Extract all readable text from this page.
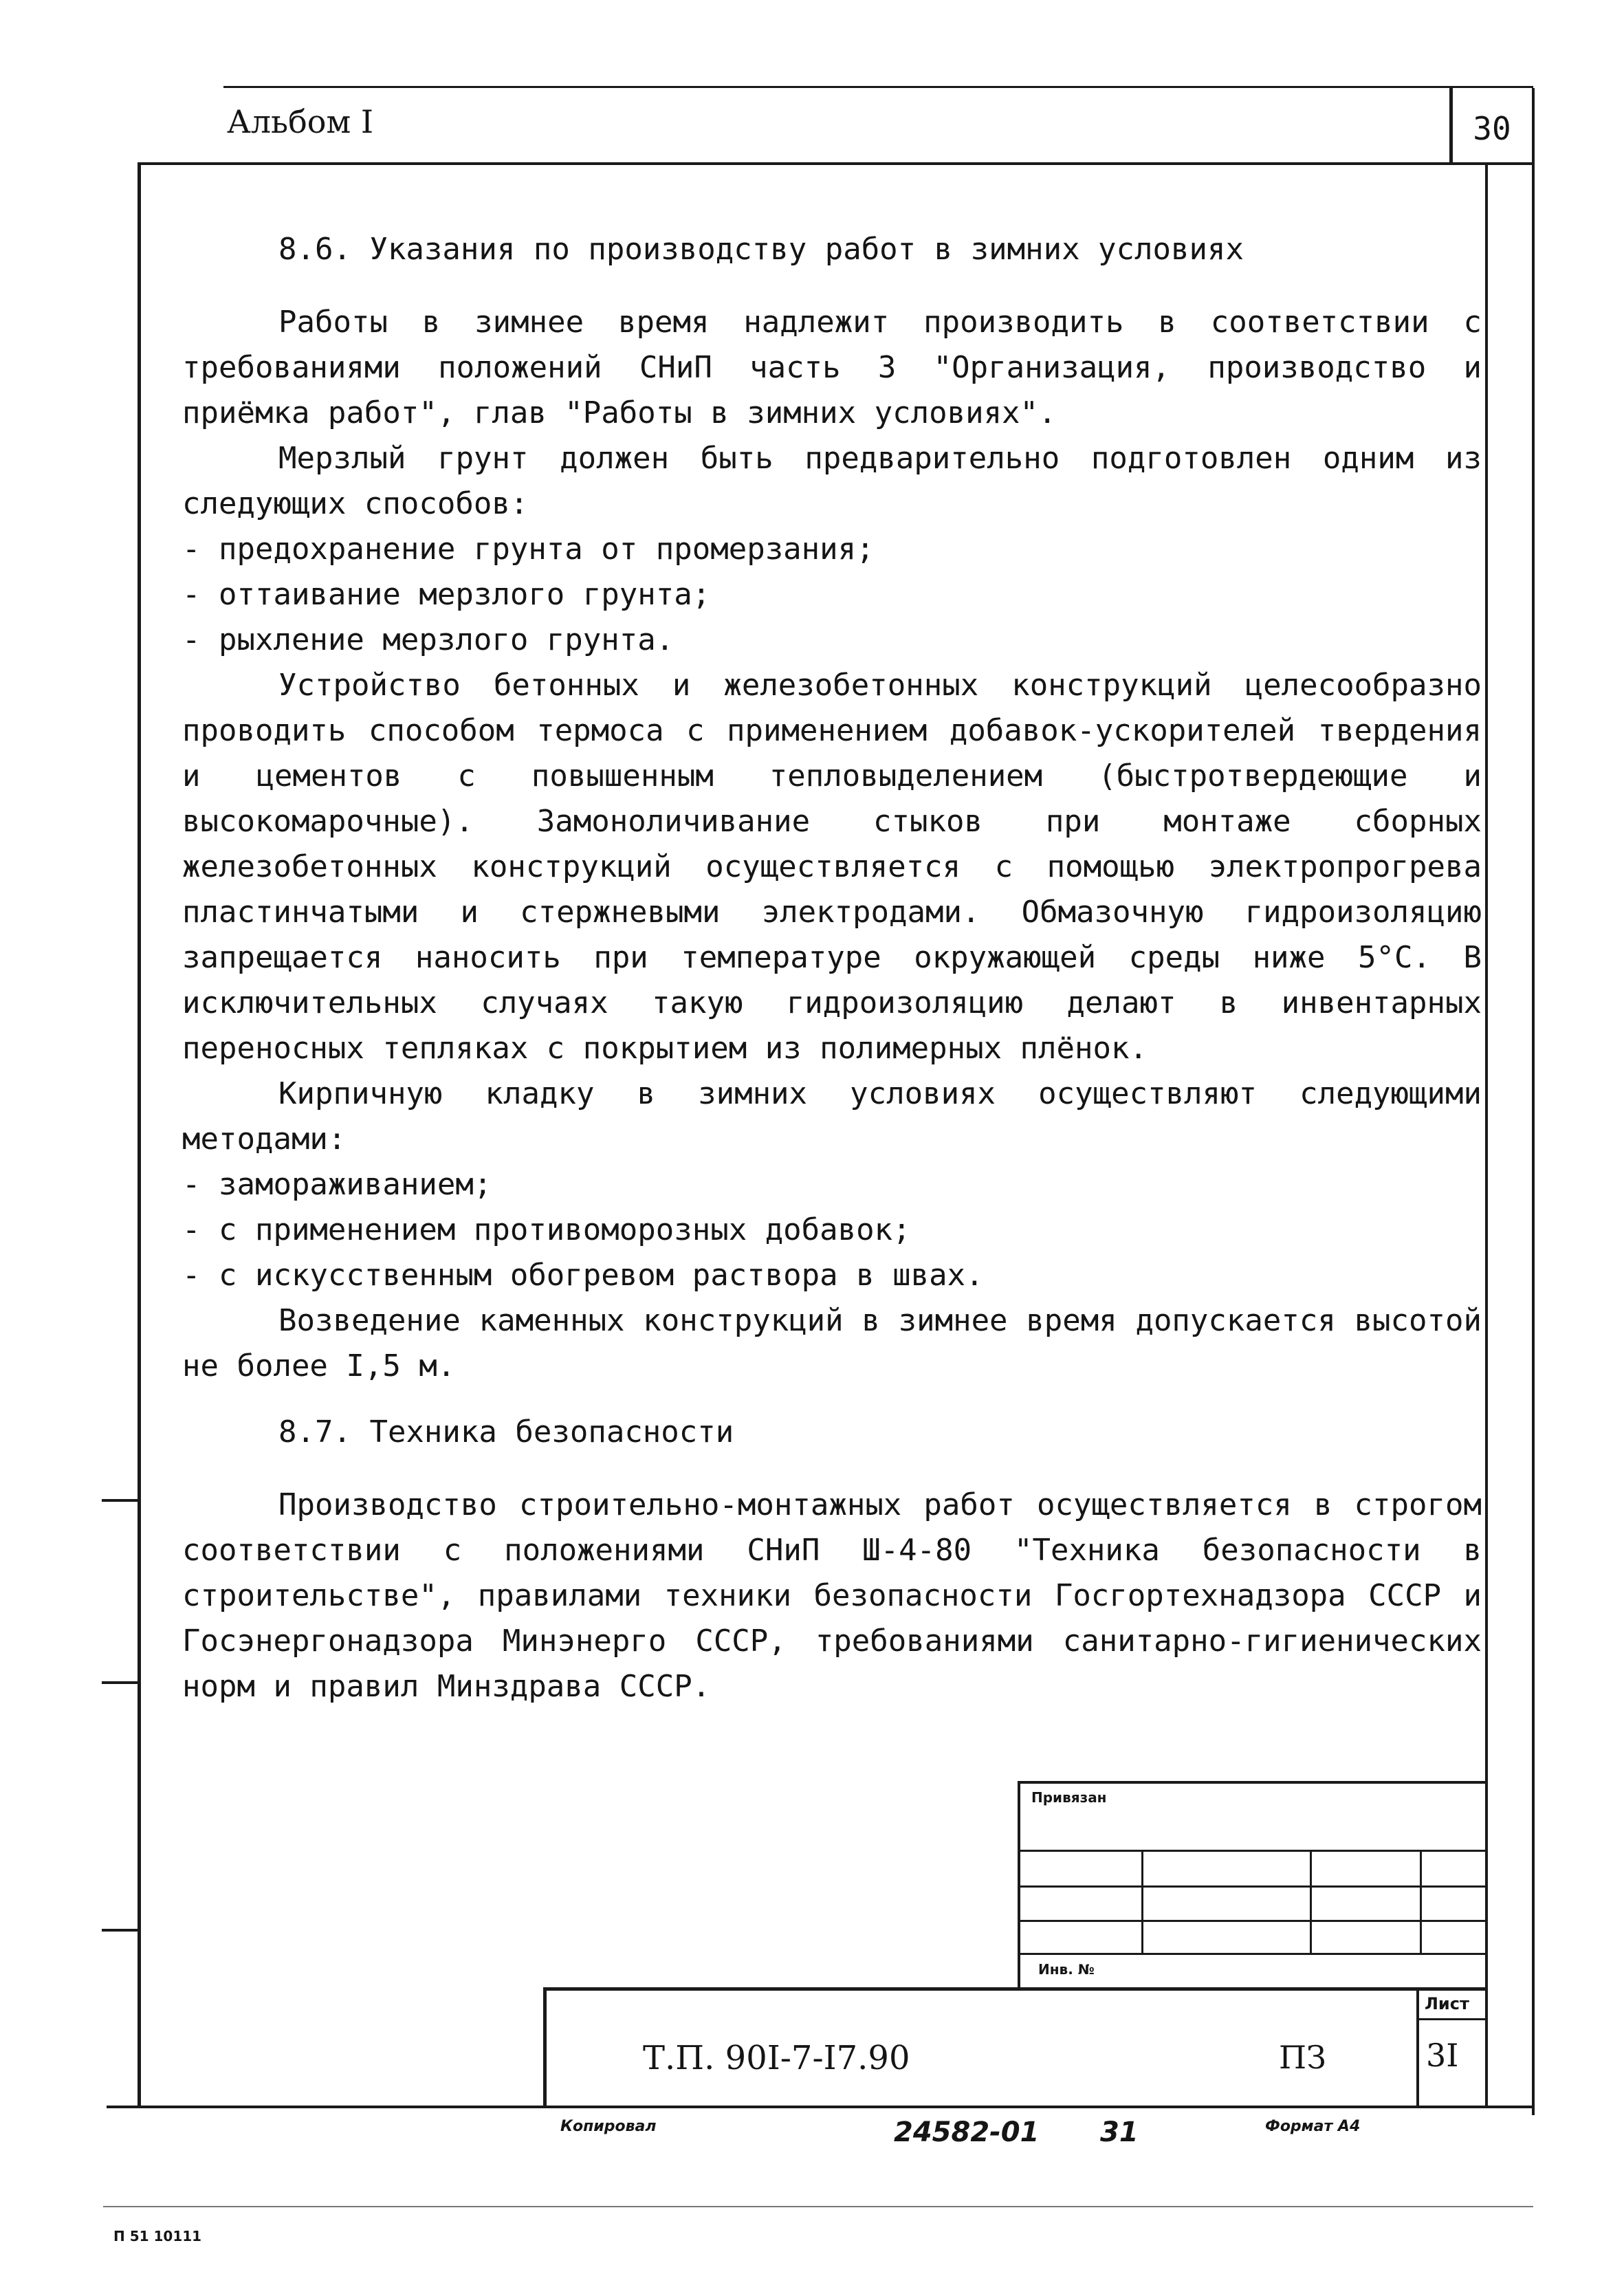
Альбом I	30
8.6. Указания по производству работ в зимних условиях
Работы в зимнее время надлежит производить в соответствии с требованиями положений СНиП часть 3 "Организация, производство и приёмка работ", глав "Работы в зимних условиях".
Мерзлый грунт должен быть предварительно подготовлен одним из следующих способов:
- предохранение грунта от промерзания;
- оттаивание мерзлого грунта;
- рыхление мерзлого грунта.
Устройство бетонных и железобетонных конструкций целесообразно проводить способом термоса с применением добавок-ускорителей твердения и цементов с повышенным тепловыделением (быстротвердеющие и высокомарочные). Замоноличивание стыков при монтаже сборных железобетонных конструкций осуществляется с помощью электропрогрева пластинчатыми и стержневыми электродами. Обмазочную гидроизоляцию запрещается наносить при температуре окружающей среды ниже 5°С. В исключительных случаях такую гидроизоляцию делают в инвентарных переносных тепляках с покрытием из полимерных плёнок.
Кирпичную кладку в зимних условиях осуществляют следующими методами:
- замораживанием;
- с применением противоморозных добавок;
- с искусственным обогревом раствора в швах.
Возведение каменных конструкций в зимнее время допускается высотой не более I,5 м.
8.7. Техника безопасности
Производство строительно-монтажных работ осуществляется в строгом соответствии с положениями СНиП Ш-4-80 "Техника безопасности в строительстве", правилами техники безопасности Госгортехнадзора СССР и Госэнергонадзора Минэнерго СССР, требованиями санитарно-гигиенических норм и правил Минздрава СССР.
Привязан
Инв. №
Лист
Т.П. 90I-7-I7.90	ПЗ	3I
Копировал	24582-01 31	Формат А4
П 51 10111
